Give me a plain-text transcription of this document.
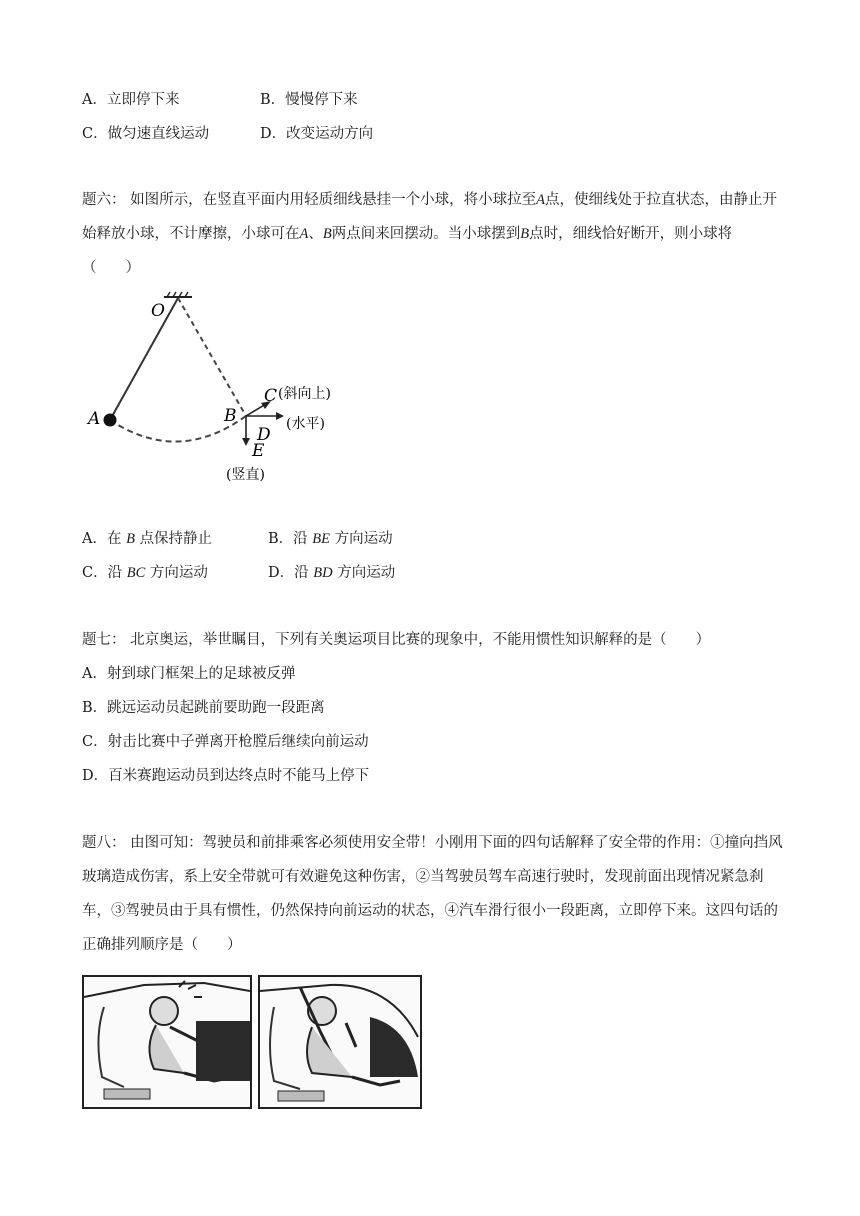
A．立即停下来	B．慢慢停下来
C．做匀速直线运动	D．改变运动方向
题六： 如图所示，在竖直平面内用轻质细线悬挂一个小球，将小球拉至A点，使细线处于拉直状态，由静止开始释放小球，不计摩擦，小球可在A、B两点间来回摆动。当小球摆到B点时，细线恰好断开，则小球将（　　）
O
A	B
C
D
E
(斜向上)
(水平)
(竖直)
A．在 B 点保持静止	B．沿 BE 方向运动
C．沿 BC 方向运动	D．沿 BD 方向运动
题七： 北京奥运，举世瞩目，下列有关奥运项目比赛的现象中，不能用惯性知识解释的是（　　）
A．射到球门框架上的足球被反弹
B．跳远运动员起跳前要助跑一段距离
C．射击比赛中子弹离开枪膛后继续向前运动
D．百米赛跑运动员到达终点时不能马上停下
题八： 由图可知：驾驶员和前排乘客必须使用安全带！小刚用下面的四句话解释了安全带的作用：①撞向挡风玻璃造成伤害，系上安全带就可有效避免这种伤害，②当驾驶员驾车高速行驶时，发现前面出现情况紧急刹车，③驾驶员由于具有惯性，仍然保持向前运动的状态，④汽车滑行很小一段距离，立即停下来。这四句话的正确排列顺序是（　　）
